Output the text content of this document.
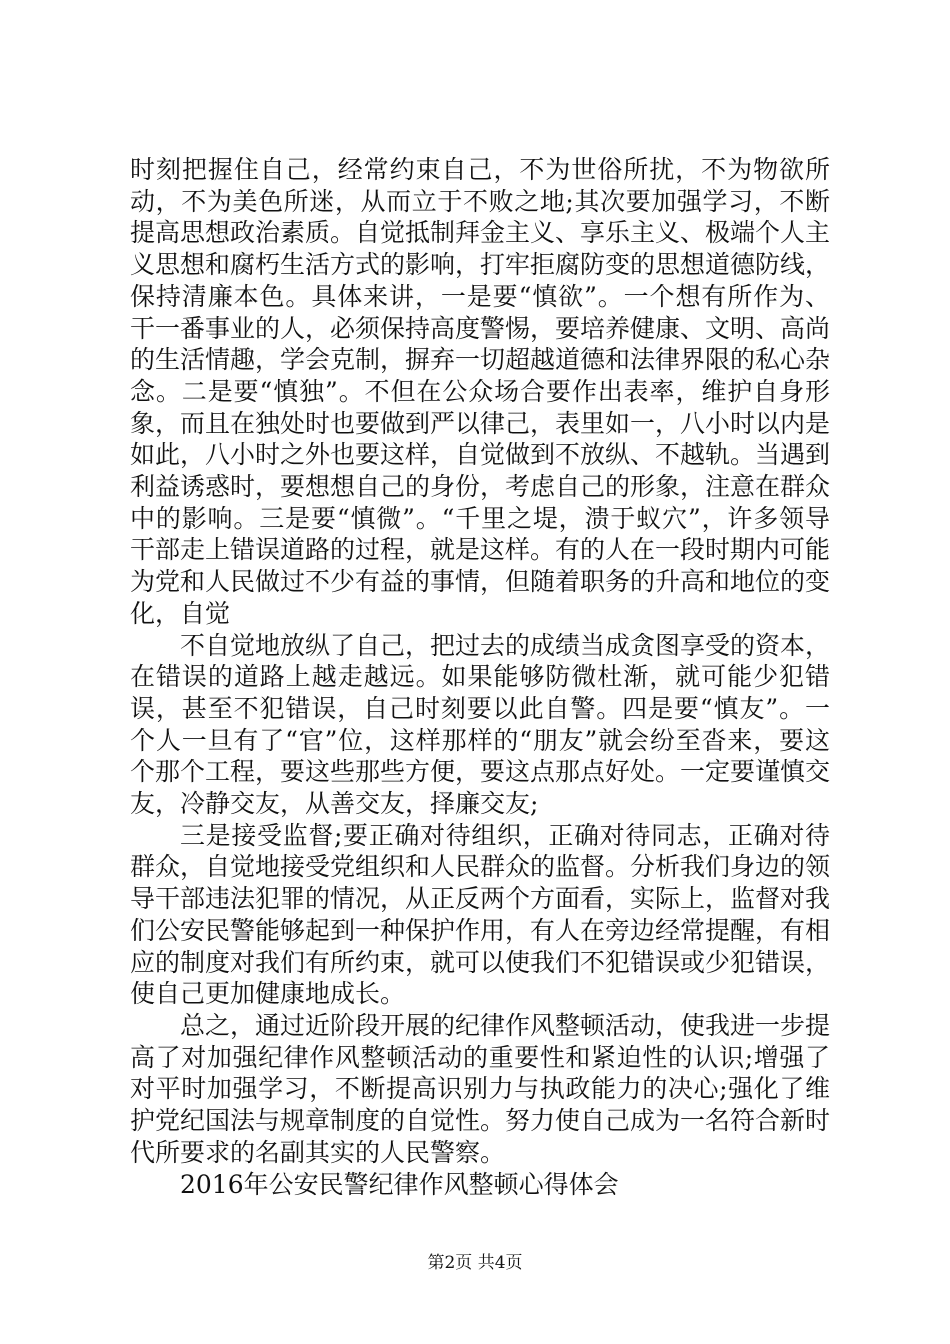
时刻把握住自己，经常约束自己，不为世俗所扰，不为物欲所动，不为美色所迷，从而立于不败之地;其次要加强学习，不断提高思想政治素质。自觉抵制拜金主义、享乐主义、极端个人主义思想和腐朽生活方式的影响，打牢拒腐防变的思想道德防线，保持清廉本色。具体来讲，一是要“慎欲”。一个想有所作为、干一番事业的人，必须保持高度警惕，要培养健康、文明、高尚的生活情趣，学会克制，摒弃一切超越道德和法律界限的私心杂念。二是要“慎独”。不但在公众场合要作出表率，维护自身形象，而且在独处时也要做到严以律己，表里如一，八小时以内是如此，八小时之外也要这样，自觉做到不放纵、不越轨。当遇到利益诱惑时，要想想自己的身份，考虑自己的形象，注意在群众中的影响。三是要“慎微”。“千里之堤，溃于蚁穴”，许多领导干部走上错误道路的过程，就是这样。有的人在一段时期内可能为党和人民做过不少有益的事情，但随着职务的升高和地位的变化，自觉

不自觉地放纵了自己，把过去的成绩当成贪图享受的资本，在错误的道路上越走越远。如果能够防微杜渐，就可能少犯错误，甚至不犯错误，自己时刻要以此自警。四是要“慎友”。一个人一旦有了“官”位，这样那样的“朋友”就会纷至沓来，要这个那个工程，要这些那些方便，要这点那点好处。一定要谨慎交友，冷静交友，从善交友，择廉交友;

三是接受监督;要正确对待组织，正确对待同志，正确对待群众，自觉地接受党组织和人民群众的监督。分析我们身边的领导干部违法犯罪的情况，从正反两个方面看，实际上，监督对我们公安民警能够起到一种保护作用，有人在旁边经常提醒，有相应的制度对我们有所约束，就可以使我们不犯错误或少犯错误，使自己更加健康地成长。

总之，通过近阶段开展的纪律作风整顿活动，使我进一步提高了对加强纪律作风整顿活动的重要性和紧迫性的认识;增强了对平时加强学习，不断提高识别力与执政能力的决心;强化了维护党纪国法与规章制度的自觉性。努力使自己成为一名符合新时代所要求的名副其实的人民警察。

2016年公安民警纪律作风整顿心得体会

第2页 共4页
